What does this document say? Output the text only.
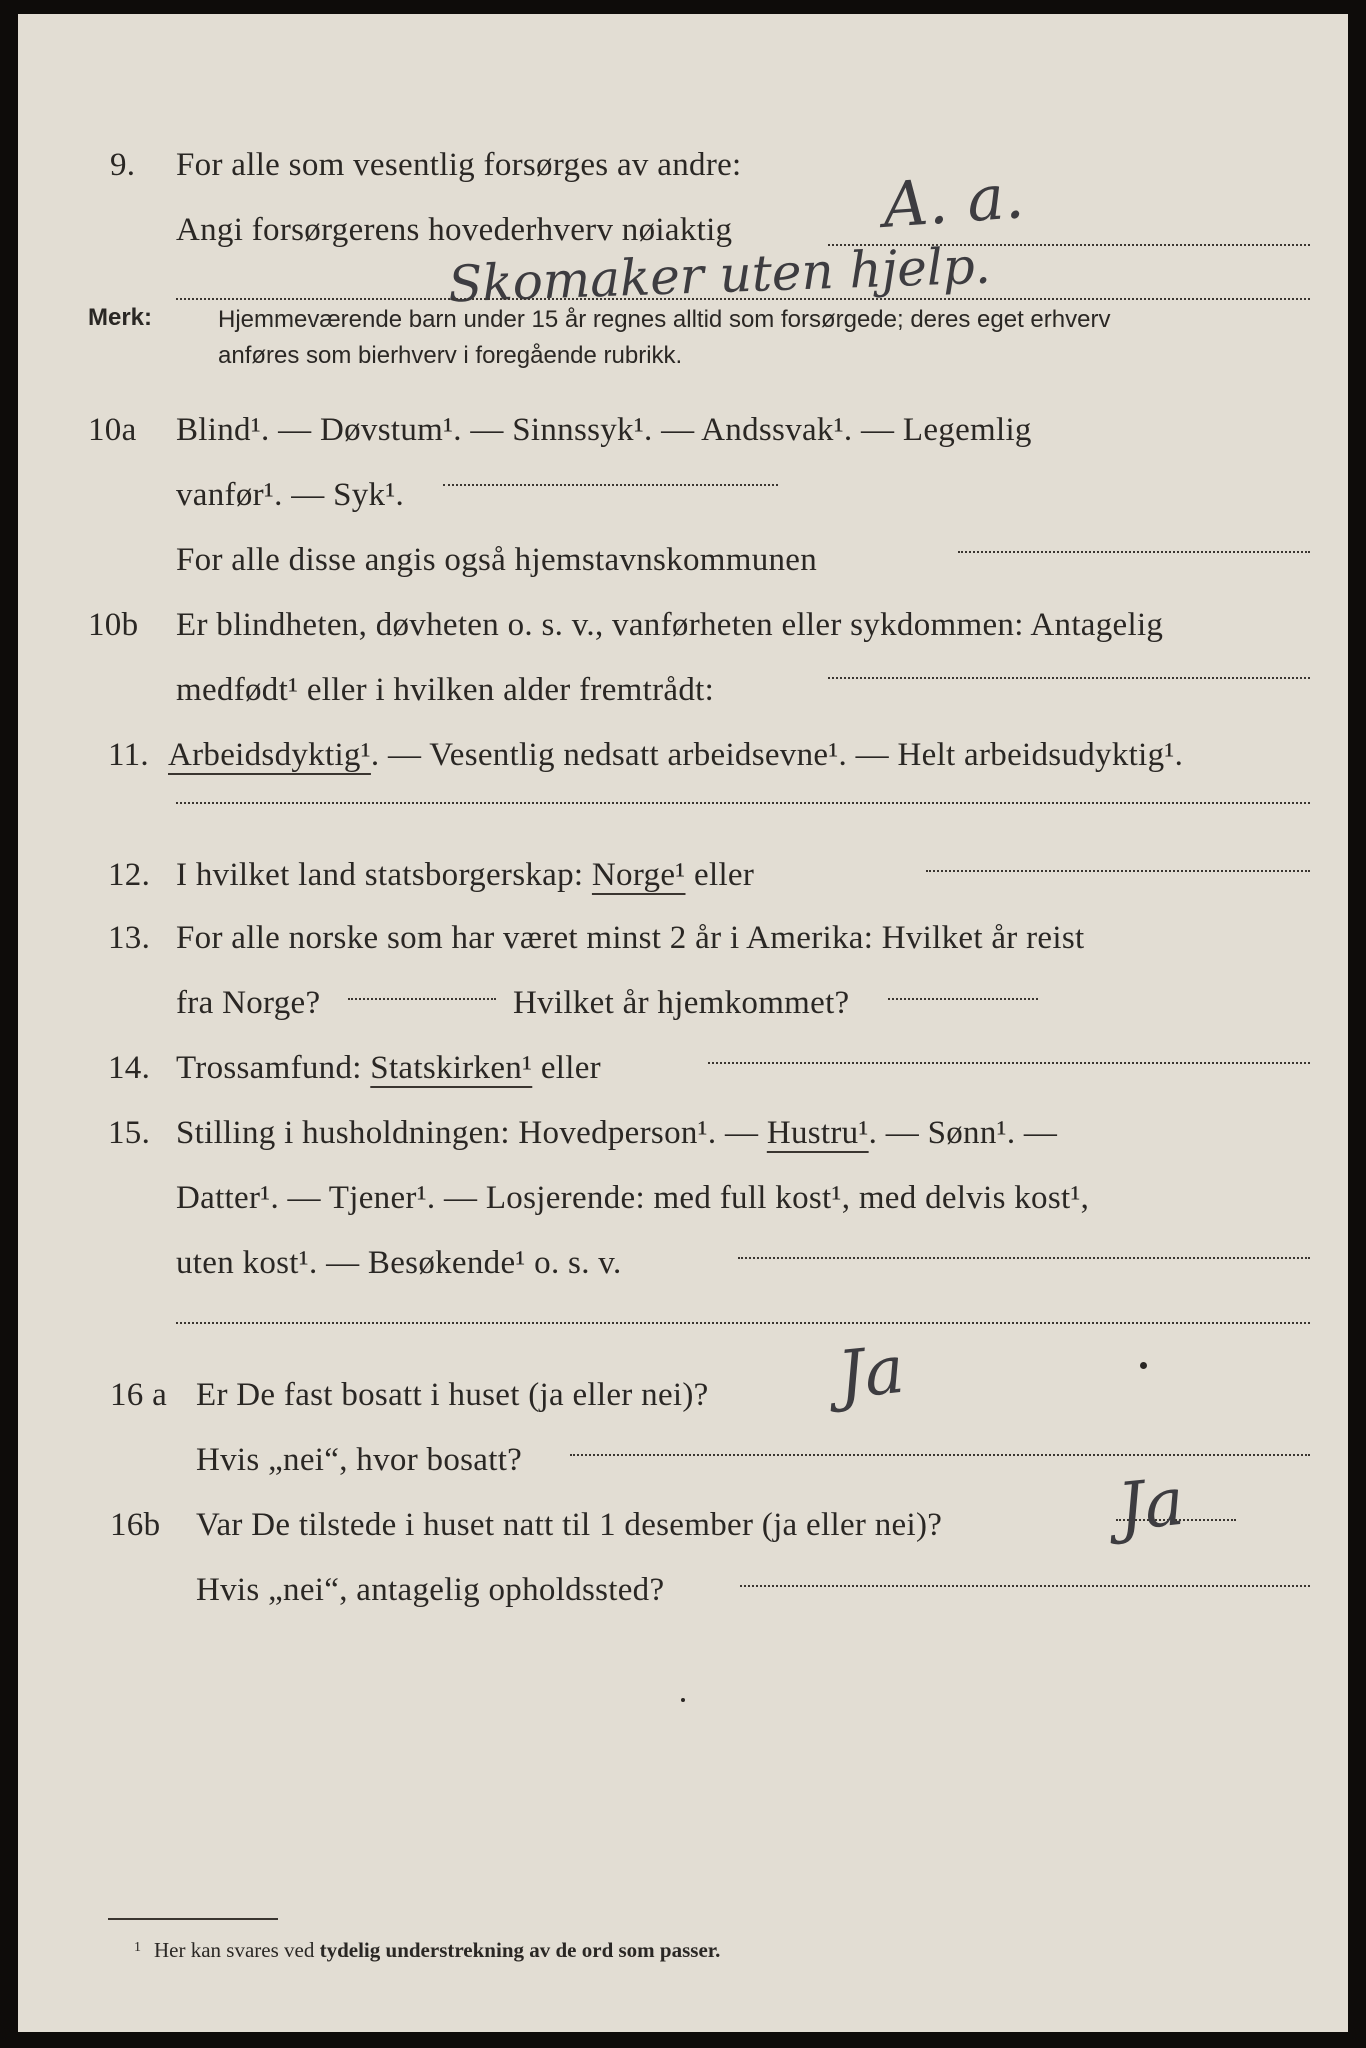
9. For alle som vesentlig forsørges av andre: A. a.
Angi forsørgerens hovederhverv nøiaktig
Skomaker uten hjelp.
Merk:	Hjemmeværende barn under 15 år regnes alltid som forsørgede; deres eget erhverv
anføres som bierhverv i foregående rubrikk.
10a Blind¹. — Døvstum¹. — Sinnssyk¹. — Andssvak¹. — Legemlig
vanfør¹. — Syk¹.
For alle disse angis også hjemstavnskommunen
10b Er blindheten, døvheten o. s. v., vanførheten eller sykdommen: Antagelig
medfødt¹ eller i hvilken alder fremtrådt:
11. Arbeidsdyktig¹. — Vesentlig nedsatt arbeidsevne¹. — Helt arbeidsudyktig¹.
12. I hvilket land statsborgerskap: Norge¹ eller
13. For alle norske som har været minst 2 år i Amerika: Hvilket år reist
fra Norge?	Hvilket år hjemkommet?
14. Trossamfund: Statskirken¹ eller
15. Stilling i husholdningen: Hovedperson¹. — Hustru¹. — Sønn¹. —
Datter¹. — Tjener¹. — Losjerende: med full kost¹, med delvis kost¹,
uten kost¹. — Besøkende¹ o. s. v.
16 a Er De fast bosatt i huset (ja eller nei)? Ja
Hvis „nei“, hvor bosatt?
16b Var De tilstede i huset natt til 1 desember (ja eller nei)?	Ja
Hvis „nei“, antagelig opholdssted?
1 Her kan svares ved tydelig understrekning av de ord som passer.
